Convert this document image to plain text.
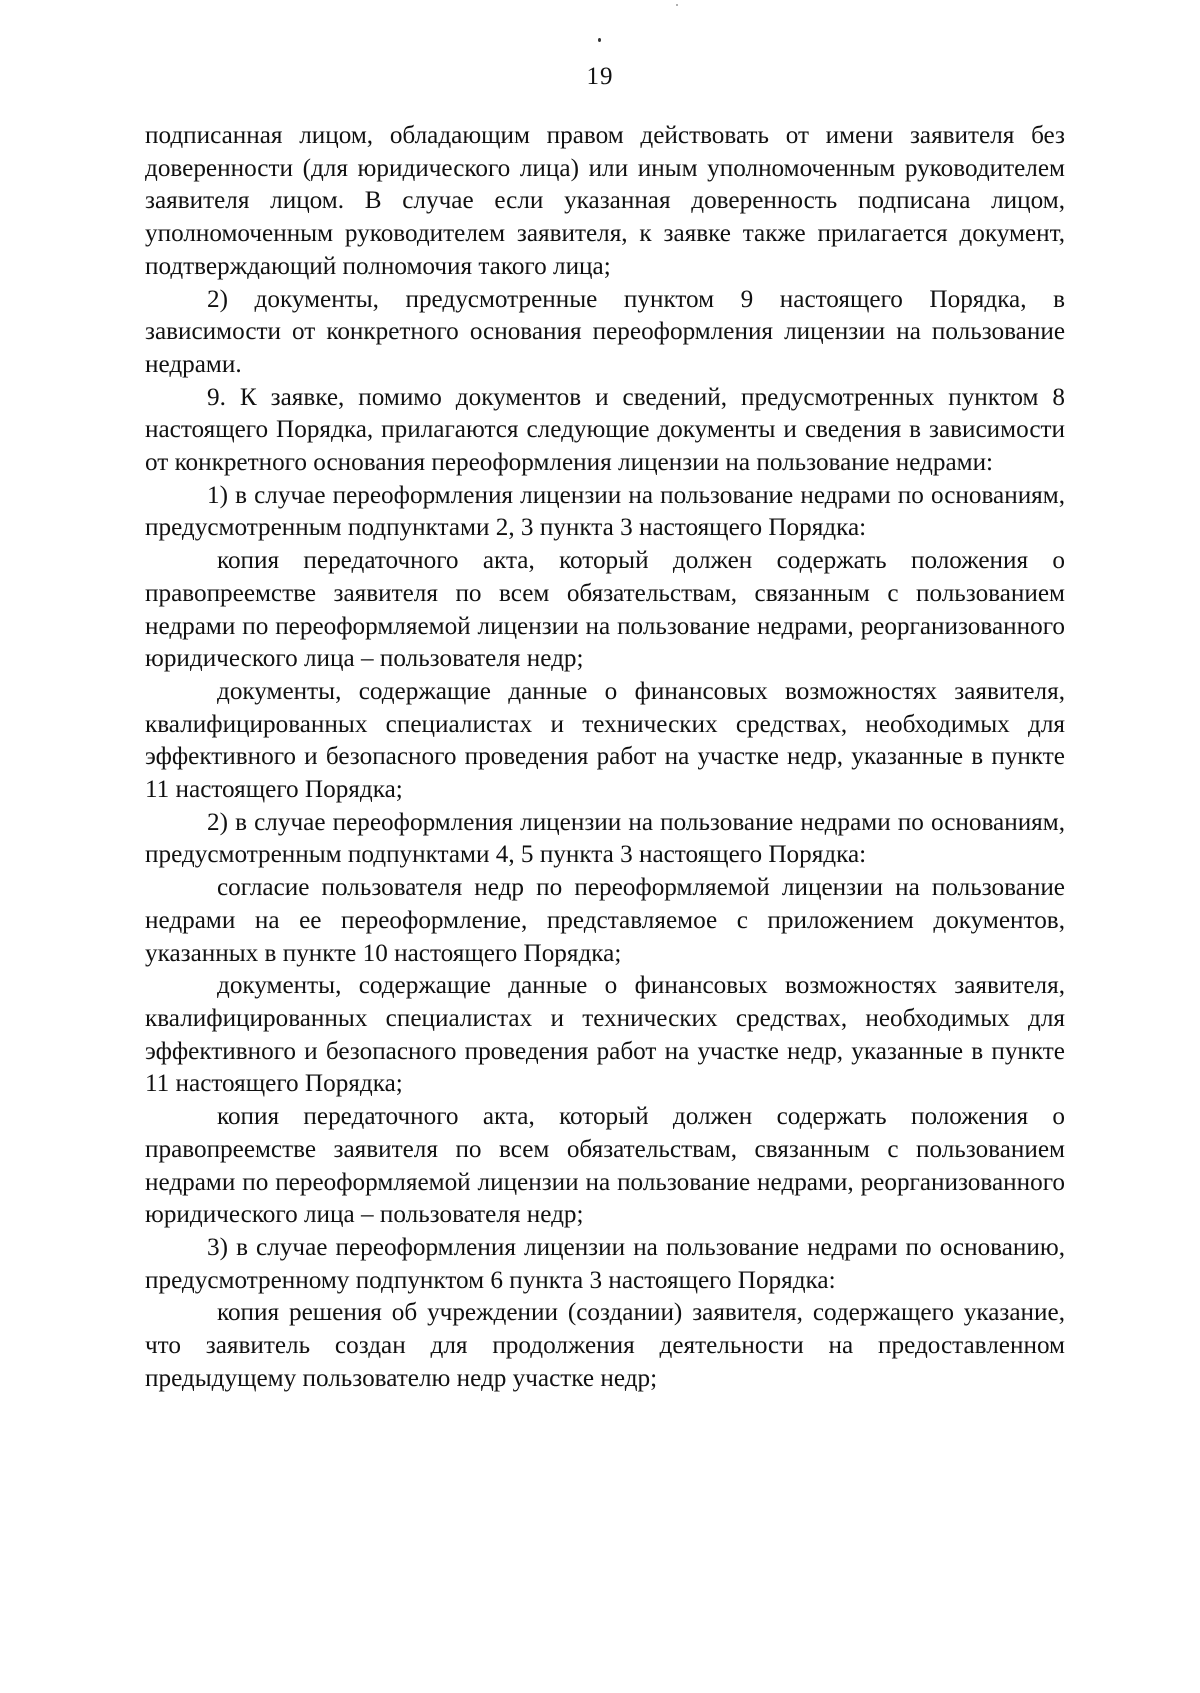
19

подписанная лицом, обладающим правом действовать от имени заявителя без доверенности (для юридического лица) или иным уполномоченным руководителем заявителя лицом. В случае если указанная доверенность подписана лицом, уполномоченным руководителем заявителя, к заявке также прилагается документ, подтверждающий полномочия такого лица;

2) документы, предусмотренные пунктом 9 настоящего Порядка, в зависимости от конкретного основания переоформления лицензии на пользование недрами.

9. К заявке, помимо документов и сведений, предусмотренных пунктом 8 настоящего Порядка, прилагаются следующие документы и сведения в зависимости от конкретного основания переоформления лицензии на пользование недрами:

1) в случае переоформления лицензии на пользование недрами по основаниям, предусмотренным подпунктами 2, 3 пункта 3 настоящего Порядка:

копия передаточного акта, который должен содержать положения о правопреемстве заявителя по всем обязательствам, связанным с пользованием недрами по переоформляемой лицензии на пользование недрами, реорганизованного юридического лица – пользователя недр;

документы, содержащие данные о финансовых возможностях заявителя, квалифицированных специалистах и технических средствах, необходимых для эффективного и безопасного проведения работ на участке недр, указанные в пункте 11 настоящего Порядка;

2) в случае переоформления лицензии на пользование недрами по основаниям, предусмотренным подпунктами 4, 5 пункта 3 настоящего Порядка:

согласие пользователя недр по переоформляемой лицензии на пользование недрами на ее переоформление, представляемое с приложением документов, указанных в пункте 10 настоящего Порядка;

документы, содержащие данные о финансовых возможностях заявителя, квалифицированных специалистах и технических средствах, необходимых для эффективного и безопасного проведения работ на участке недр, указанные в пункте 11 настоящего Порядка;

копия передаточного акта, который должен содержать положения о правопреемстве заявителя по всем обязательствам, связанным с пользованием недрами по переоформляемой лицензии на пользование недрами, реорганизованного юридического лица – пользователя недр;

3) в случае переоформления лицензии на пользование недрами по основанию, предусмотренному подпунктом 6 пункта 3 настоящего Порядка:

копия решения об учреждении (создании) заявителя, содержащего указание, что заявитель создан для продолжения деятельности на предоставленном предыдущему пользователю недр участке недр;
